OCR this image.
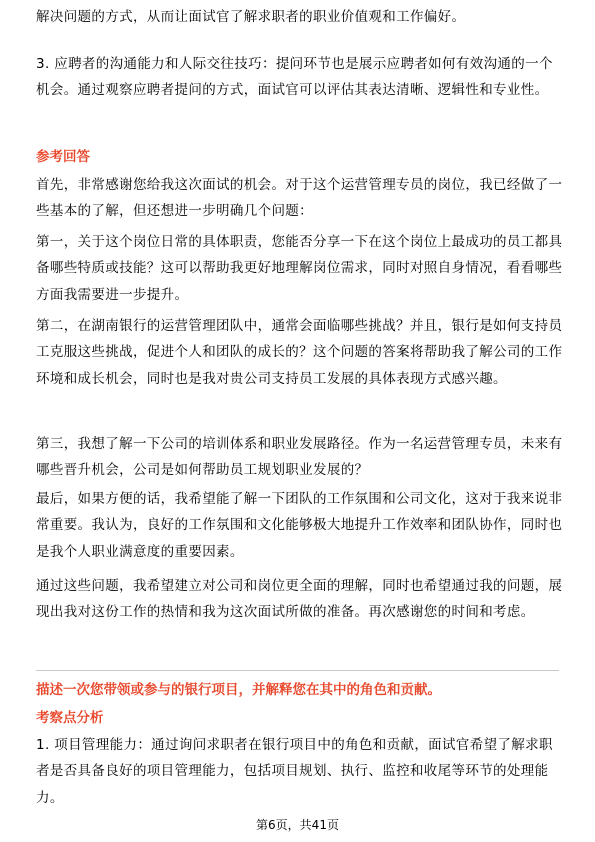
解决问题的方式，从而让面试官了解求职者的职业价值观和工作偏好。

3. 应聘者的沟通能力和人际交往技巧：提问环节也是展示应聘者如何有效沟通的一个机会。通过观察应聘者提问的方式，面试官可以评估其表达清晰、逻辑性和专业性。

参考回答

首先，非常感谢您给我这次面试的机会。对于这个运营管理专员的岗位，我已经做了一些基本的了解，但还想进一步明确几个问题：

第一，关于这个岗位日常的具体职责，您能否分享一下在这个岗位上最成功的员工都具备哪些特质或技能？这可以帮助我更好地理解岗位需求，同时对照自身情况，看看哪些方面我需要进一步提升。

第二，在湖南银行的运营管理团队中，通常会面临哪些挑战？并且，银行是如何支持员工克服这些挑战，促进个人和团队的成长的？这个问题的答案将帮助我了解公司的工作环境和成长机会，同时也是我对贵公司支持员工发展的具体表现方式感兴趣。

第三，我想了解一下公司的培训体系和职业发展路径。作为一名运营管理专员，未来有哪些晋升机会，公司是如何帮助员工规划职业发展的？

最后，如果方便的话，我希望能了解一下团队的工作氛围和公司文化，这对于我来说非常重要。我认为，良好的工作氛围和文化能够极大地提升工作效率和团队协作，同时也是我个人职业满意度的重要因素。

通过这些问题，我希望建立对公司和岗位更全面的理解，同时也希望通过我的问题，展现出我对这份工作的热情和我为这次面试所做的准备。再次感谢您的时间和考虑。

描述一次您带领或参与的银行项目，并解释您在其中的角色和贡献。

考察点分析

1. 项目管理能力：通过询问求职者在银行项目中的角色和贡献，面试官希望了解求职者是否具备良好的项目管理能力，包括项目规划、执行、监控和收尾等环节的处理能力。

第6页，共41页
